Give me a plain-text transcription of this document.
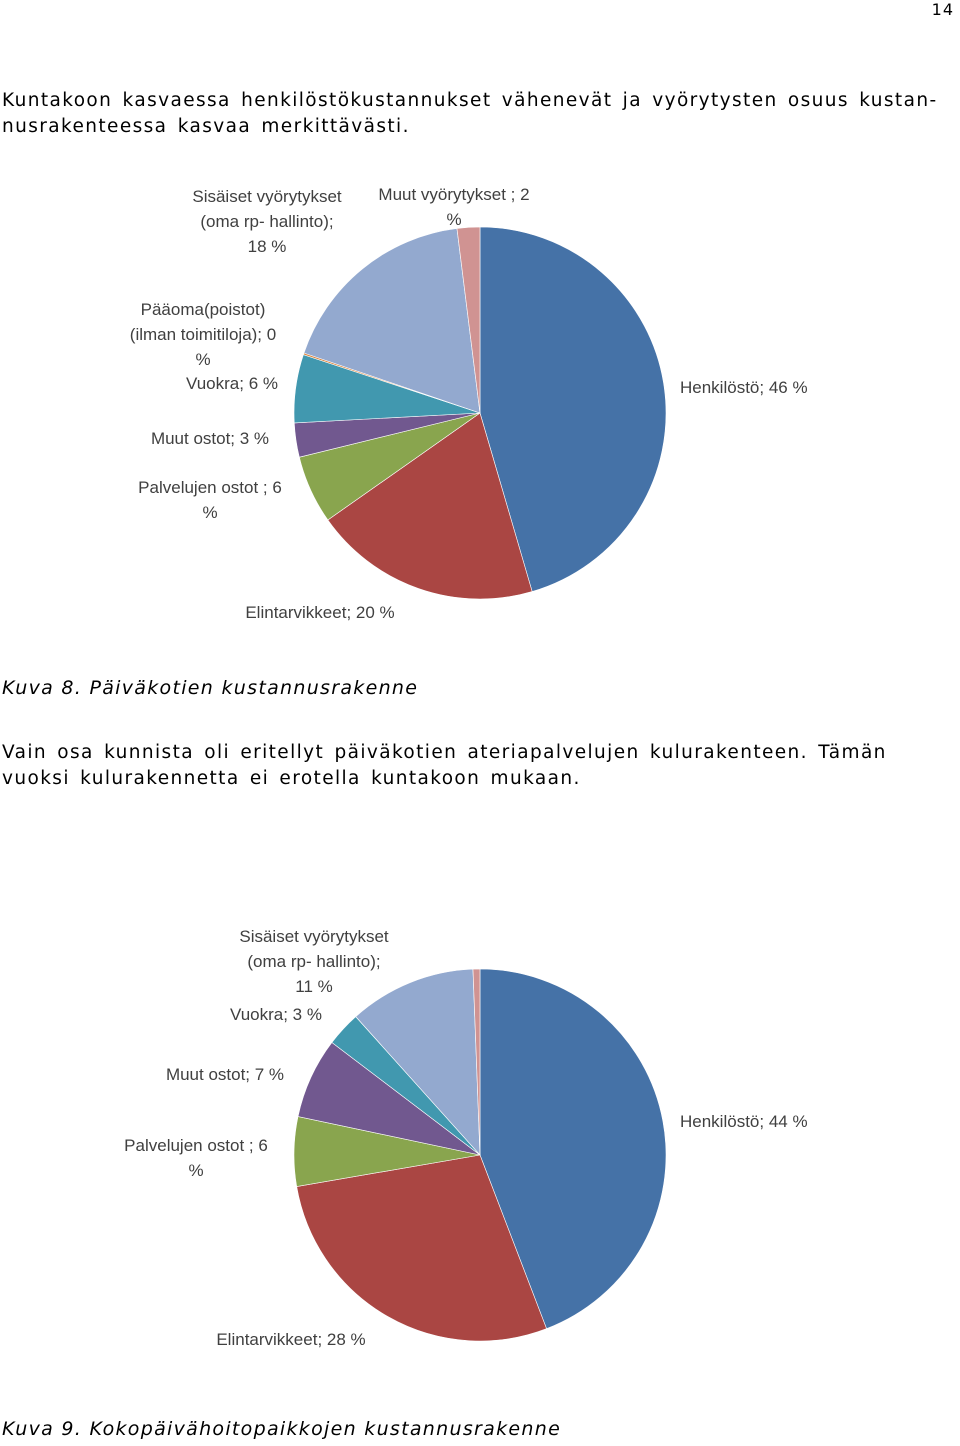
14

Kuntakoon kasvaessa henkilöstökustannukset vähenevät ja vyörytysten osuus kustan-nusrakenteessa kasvaa merkittävästi.

Henkilöstö; 46 %
Elintarvikkeet; 20 %
Palvelujen ostot ; 6 %
Muut ostot; 3 %
Vuokra; 6 %
Pääoma(poistot) (ilman toimitiloja); 0 %
Sisäiset vyörytykset (oma rp- hallinto); 18 %
Muut vyörytykset ; 2 %

Kuva 8. Päiväkotien kustannusrakenne

Vain osa kunnista oli eritellyt päiväkotien ateriapalvelujen kulurakenteen. Tämän vuoksi kulurakennetta ei erotella kuntakoon mukaan.

Henkilöstö; 44 %
Elintarvikkeet; 28 %
Palvelujen ostot ; 6 %
Muut ostot; 7 %
Vuokra; 3 %
Sisäiset vyörytykset (oma rp- hallinto); 11 %

Kuva 9. Kokopäivähoitopaikkojen kustannusrakenne
